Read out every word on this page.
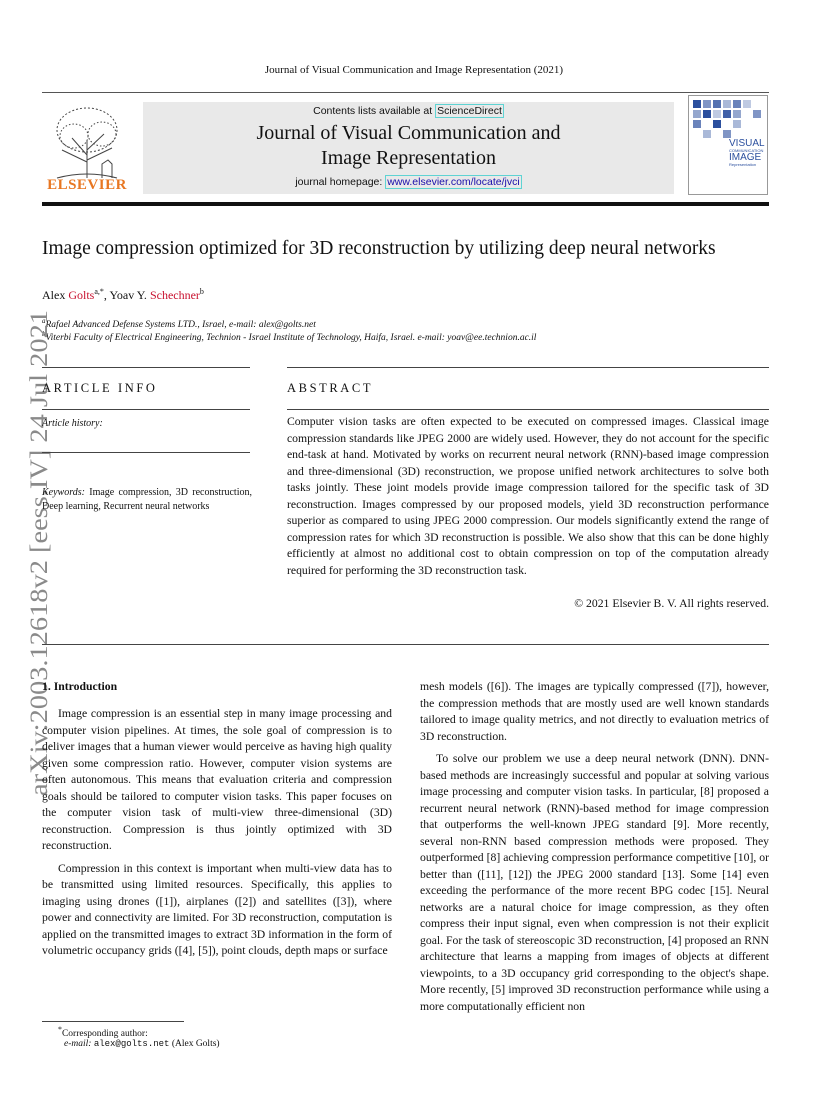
Journal of Visual Communication and Image Representation (2021)
ELSEVIER
Contents lists available at ScienceDirect
Journal of Visual Communication and
Image Representation
journal homepage: www.elsevier.com/locate/jvci
VISUAL
COMMUNICATION
IMAGE
Representation
Image compression optimized for 3D reconstruction by utilizing deep neural networks
Alex Golts$^{a,*}$, Yoav Y. Schechner$^b$
$^a$Rafael Advanced Defense Systems LTD., Israel, e-mail: alex@golts.net
$^b$Viterbi Faculty of Electrical Engineering, Technion - Israel Institute of Technology, Haifa, Israel. e-mail: yoav@ee.technion.ac.il
arXiv:2003.12618v2 [eess.IV] 24 Jul 2021
ARTICLE INFO	ABSTRACT
Article history:
Keywords: Image compression, 3D reconstruction, Deep learning, Recurrent neural networks
Computer vision tasks are often expected to be executed on compressed images. Classical image compression standards like JPEG 2000 are widely used. However, they do not account for the specific end-task at hand. Motivated by works on recurrent neural network (RNN)-based image compression and three-dimensional (3D) reconstruction, we propose unified network architectures to solve both tasks jointly. These joint models provide image compression tailored for the specific task of 3D reconstruction. Images compressed by our proposed models, yield 3D reconstruction performance superior as compared to using JPEG 2000 compression. Our models significantly extend the range of compression rates for which 3D reconstruction is possible. We also show that this can be done highly efficiently at almost no additional cost to obtain compression on top of the computation already required for performing the 3D reconstruction task.
© 2021 Elsevier B. V. All rights reserved.
1. Introduction

Image compression is an essential step in many image processing and computer vision pipelines. At times, the sole goal of compression is to deliver images that a human viewer would perceive as having high quality given some compression ratio. However, computer vision systems are often autonomous. This means that evaluation criteria and compression goals should be tailored to computer vision tasks. This paper focuses on the computer vision task of multi-view three-dimensional (3D) reconstruction. Compression is thus jointly optimized with 3D reconstruction.

Compression in this context is important when multi-view data has to be transmitted using limited resources. Specifically, this applies to imaging using drones ([1]), airplanes ([2]) and satellites ([3]), where power and connectivity are limited. For 3D reconstruction, computation is applied on the transmitted images to extract 3D information in the form of volumetric occupancy grids ([4], [5]), point clouds, depth maps or surface

mesh models ([6]). The images are typically compressed ([7]), however, the compression methods that are mostly used are well known standards tailored to image quality metrics, and not directly to evaluation metrics of 3D reconstruction.

To solve our problem we use a deep neural network (DNN). DNN-based methods are increasingly successful and popular at solving various image processing and computer vision tasks. In particular, [8] proposed a recurrent neural network (RNN)-based method for image compression that outperforms the well-known JPEG standard [9]. More recently, several non-RNN based compression methods were proposed. They outperformed [8] achieving compression performance competitive [10], or better than ([11], [12]) the JPEG 2000 standard [13]. Some [14] even exceeding the performance of the more recent BPG codec [15]. Neural networks are a natural choice for image compression, as they often compress their input signal, even when compression is not their explicit goal. For the task of stereoscopic 3D reconstruction, [4] proposed an RNN architecture that learns a mapping from images of objects at different viewpoints, to a 3D occupancy grid corresponding to the object's shape. More recently, [5] improved 3D reconstruction performance while using a more computationally efficient non

*Corresponding author:
e-mail: alex@golts.net (Alex Golts)
